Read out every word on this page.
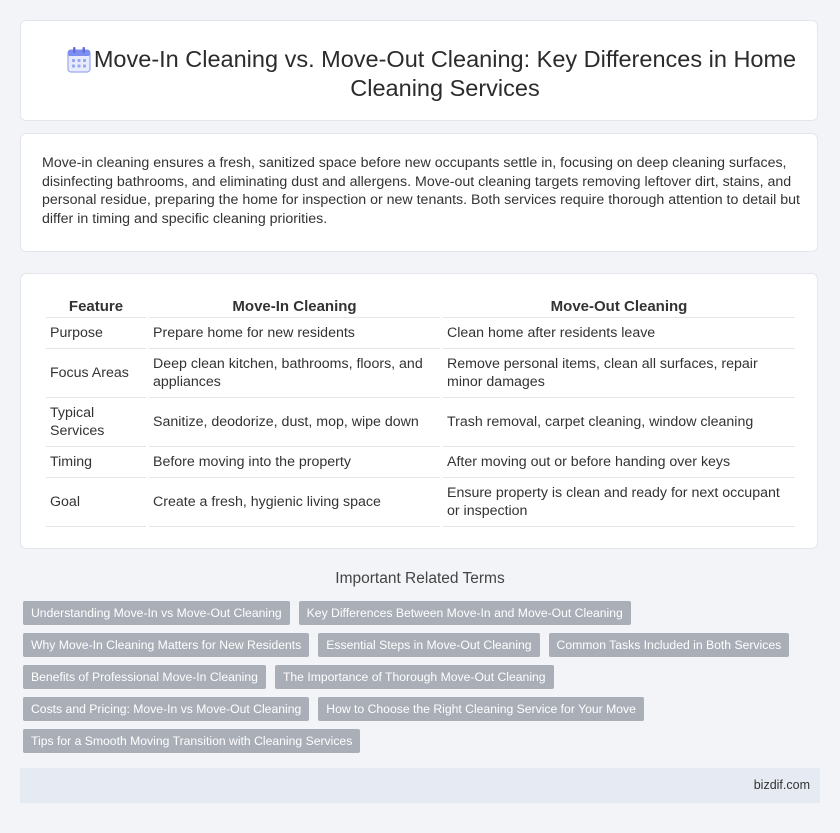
Move-In Cleaning vs. Move-Out Cleaning: Key Differences in Home Cleaning Services

Move-in cleaning ensures a fresh, sanitized space before new occupants settle in, focusing on deep cleaning surfaces, disinfecting bathrooms, and eliminating dust and allergens. Move-out cleaning targets removing leftover dirt, stains, and personal residue, preparing the home for inspection or new tenants. Both services require thorough attention to detail but differ in timing and specific cleaning priorities.

Feature	Move-In Cleaning	Move-Out Cleaning
Purpose	Prepare home for new residents	Clean home after residents leave
Focus Areas	Deep clean kitchen, bathrooms, floors, and appliances	Remove personal items, clean all surfaces, repair minor damages
Typical Services	Sanitize, deodorize, dust, mop, wipe down	Trash removal, carpet cleaning, window cleaning
Timing	Before moving into the property	After moving out or before handing over keys
Goal	Create a fresh, hygienic living space	Ensure property is clean and ready for next occupant or inspection
Important Related Terms
Understanding Move-In vs Move-Out Cleaning	Key Differences Between Move-In and Move-Out Cleaning
Why Move-In Cleaning Matters for New Residents	Essential Steps in Move-Out Cleaning	Common Tasks Included in Both Services
Benefits of Professional Move-In Cleaning	The Importance of Thorough Move-Out Cleaning
Costs and Pricing: Move-In vs Move-Out Cleaning	How to Choose the Right Cleaning Service for Your Move
Tips for a Smooth Moving Transition with Cleaning Services
bizdif.com
